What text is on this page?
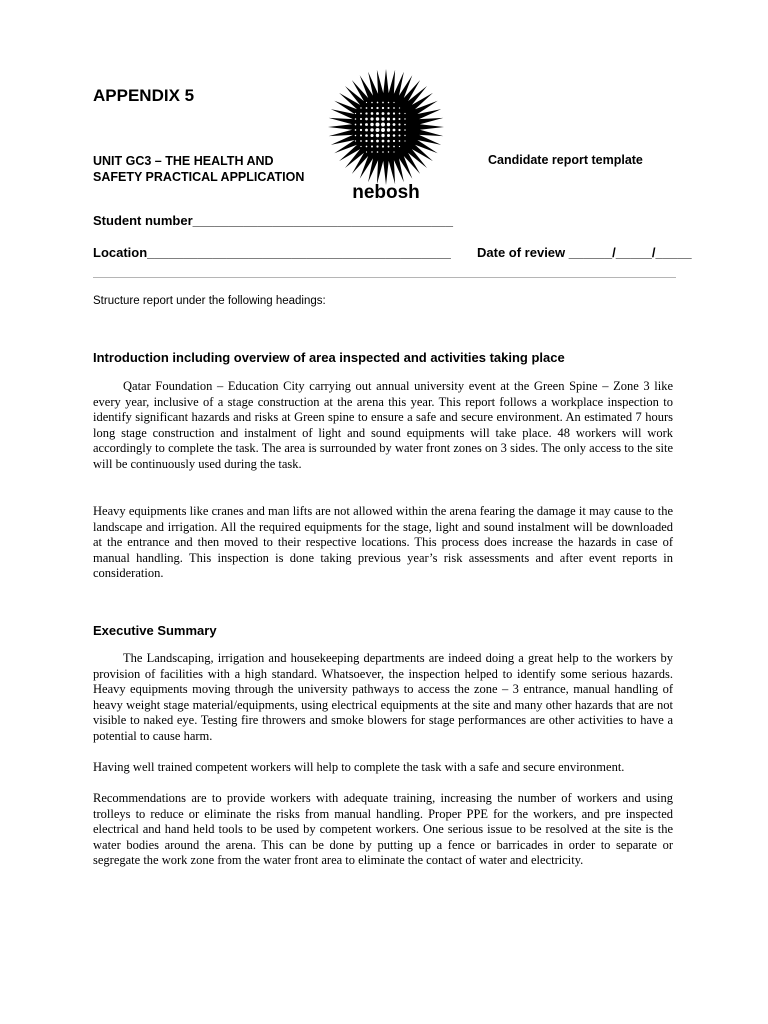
APPENDIX 5
UNIT GC3 – THE HEALTH AND
SAFETY PRACTICAL APPLICATION
Candidate report template
nebosh
Student number____________________________________
Location__________________________________________ Date of review ______/_____/_____
Structure report under the following headings:
Introduction including overview of area inspected and activities taking place
Qatar Foundation – Education City carrying out annual university event at the Green Spine – Zone 3 like every year, inclusive of a stage construction at the arena this year. This report follows a workplace inspection to identify significant hazards and risks at Green spine to ensure a safe and secure environment. An estimated 7 hours long stage construction and instalment of light and sound equipments will take place. 48 workers will work accordingly to complete the task. The area is surrounded by water front zones on 3 sides. The only access to the site will be continuously used during the task.
Heavy equipments like cranes and man lifts are not allowed within the arena fearing the damage it may cause to the landscape and irrigation. All the required equipments for the stage, light and sound instalment will be downloaded at the entrance and then moved to their respective locations. This process does increase the hazards in case of manual handling. This inspection is done taking previous year’s risk assessments and after event reports in consideration.
Executive Summary
The Landscaping, irrigation and housekeeping departments are indeed doing a great help to the workers by provision of facilities with a high standard. Whatsoever, the inspection helped to identify some serious hazards. Heavy equipments moving through the university pathways to access the zone – 3 entrance, manual handling of heavy weight stage material/equipments, using electrical equipments at the site and many other hazards that are not visible to naked eye. Testing fire throwers and smoke blowers for stage performances are other activities to have a potential to cause harm.
Having well trained competent workers will help to complete the task with a safe and secure environment.
Recommendations are to provide workers with adequate training, increasing the number of workers and using trolleys to reduce or eliminate the risks from manual handling. Proper PPE for the workers, and pre inspected electrical and hand held tools to be used by competent workers. One serious issue to be resolved at the site is the water bodies around the arena. This can be done by putting up a fence or barricades in order to separate or segregate the work zone from the water front area to eliminate the contact of water and electricity.
